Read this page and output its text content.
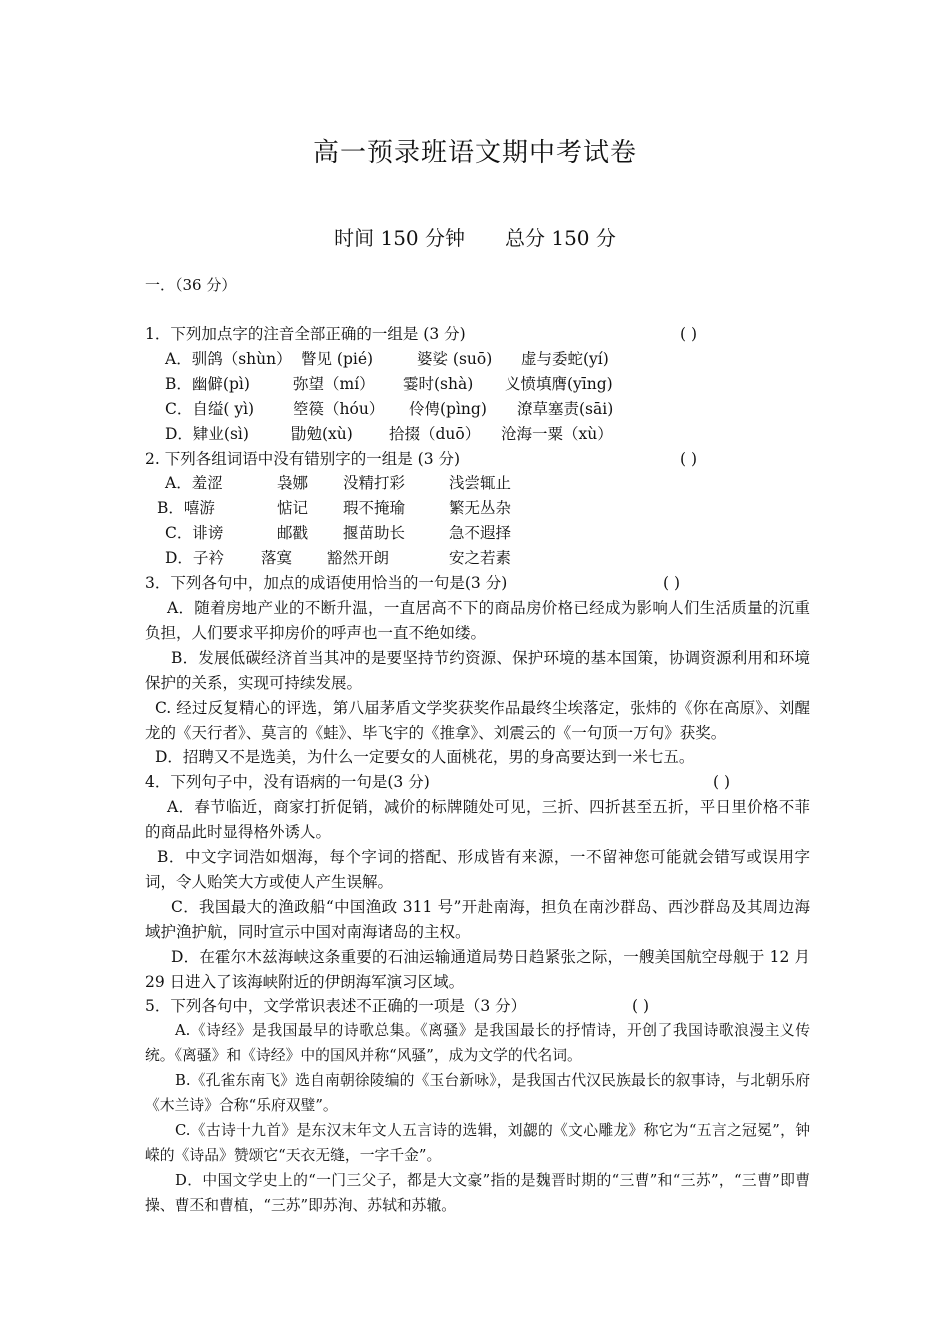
高一预录班语文期中考试卷
时间 150 分钟 总分 150 分
一．（36 分）
1．下列加点字的注音全部正确的一组是 (3 分)	( )
A．驯鸽（shùn） 瞥见 (pié)	婆娑 (suō) 虚与委蛇(yí)
B．幽僻(pì)	弥望（mí） 霎时(shà) 义愤填膺(yīng)
C．自缢( yì)	箜篌（hóu） 伶俜(pìng) 潦草塞责(sāi)
D．肄业(sì)	勖勉(xù) 拾掇（duō） 沧海一粟（xù）
2. 下列各组词语中没有错别字的一组是 (3 分)	( )
A．羞涩	袅娜 没精打彩	浅尝辄止
B．嘻游	惦记 瑕不掩瑜	繁无丛杂
C．诽谤	邮戳 揠苗助长	急不遐择
D．子衿 落寞 豁然开朗	安之若素
3．下列各句中，加点的成语使用恰当的一句是(3 分)	( )
A．随着房地产业的不断升温，一直居高不下的商品房价格已经成为影响人们生活质量的沉重负担，人们要求平抑房价的呼声也一直不绝如缕。
B．发展低碳经济首当其冲的是要坚持节约资源、保护环境的基本国策，协调资源利用和环境保护的关系，实现可持续发展。
C. 经过反复精心的评选，第八届茅盾文学奖获奖作品最终尘埃落定，张炜的《你在高原》、刘醒龙的《天行者》、莫言的《蛙》、毕飞宇的《推拿》、刘震云的《一句顶一万句》获奖。
D．招聘又不是选美，为什么一定要女的人面桃花，男的身高要达到一米七五。
4．下列句子中，没有语病的一句是(3 分)	( )
A．春节临近，商家打折促销，减价的标牌随处可见，三折、四折甚至五折，平日里价格不菲的商品此时显得格外诱人。
B．中文字词浩如烟海，每个字词的搭配、形成皆有来源，一不留神您可能就会错写或误用字词，令人贻笑大方或使人产生误解。
C．我国最大的渔政船“中国渔政 311 号”开赴南海，担负在南沙群岛、西沙群岛及其周边海域护渔护航，同时宣示中国对南海诸岛的主权。
D．在霍尔木兹海峡这条重要的石油运输通道局势日趋紧张之际，一艘美国航空母舰于 12 月 29 日进入了该海峡附近的伊朗海军演习区域。
5．下列各句中，文学常识表述不正确的一项是（3 分）	( )
A.《诗经》是我国最早的诗歌总集。《离骚》是我国最长的抒情诗，开创了我国诗歌浪漫主义传统。《离骚》和《诗经》中的国风并称“风骚”，成为文学的代名词。
B.《孔雀东南飞》选自南朝徐陵编的《玉台新咏》，是我国古代汉民族最长的叙事诗，与北朝乐府《木兰诗》合称“乐府双璧”。
C.《古诗十九首》是东汉末年文人五言诗的选辑，刘勰的《文心雕龙》称它为“五言之冠冕”，钟嵘的《诗品》赞颂它“天衣无缝，一字千金”。
D．中国文学史上的“一门三父子，都是大文豪”指的是魏晋时期的“三曹”和“三苏”，“三曹”即曹操、曹丕和曹植，“三苏”即苏洵、苏轼和苏辙。
